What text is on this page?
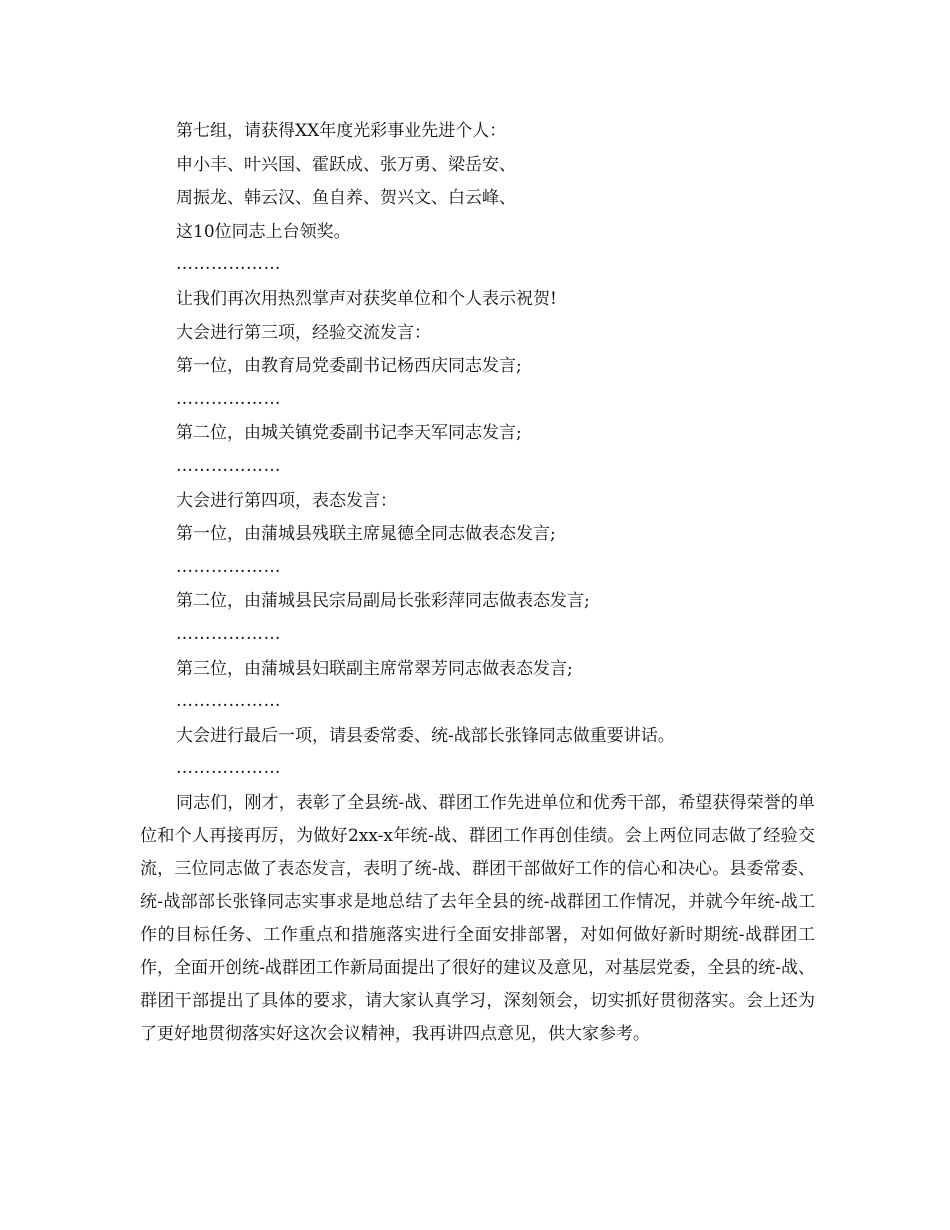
第七组，请获得XX年度光彩事业先进个人：
申小丰、叶兴国、霍跃成、张万勇、梁岳安、
周振龙、韩云汉、鱼自养、贺兴文、白云峰、
这10位同志上台领奖。
………………
让我们再次用热烈掌声对获奖单位和个人表示祝贺!
大会进行第三项，经验交流发言：
第一位，由教育局党委副书记杨西庆同志发言;
………………
第二位，由城关镇党委副书记李天军同志发言;
………………
大会进行第四项，表态发言：
第一位，由蒲城县残联主席晁德全同志做表态发言;
………………
第二位，由蒲城县民宗局副局长张彩萍同志做表态发言;
………………
第三位，由蒲城县妇联副主席常翠芳同志做表态发言;
………………
大会进行最后一项，请县委常委、统-战部长张锋同志做重要讲话。
………………

同志们，刚才，表彰了全县统-战、群团工作先进单位和优秀干部，希望获得荣誉的单位和个人再接再厉，为做好2xx-x年统-战、群团工作再创佳绩。会上两位同志做了经验交流，三位同志做了表态发言，表明了统-战、群团干部做好工作的信心和决心。县委常委、统-战部部长张锋同志实事求是地总结了去年全县的统-战群团工作情况，并就今年统-战工作的目标任务、工作重点和措施落实进行全面安排部署，对如何做好新时期统-战群团工作，全面开创统-战群团工作新局面提出了很好的建议及意见，对基层党委，全县的统-战、群团干部提出了具体的要求，请大家认真学习，深刻领会，切实抓好贯彻落实。会上还为了更好地贯彻落实好这次会议精神，我再讲四点意见，供大家参考。
